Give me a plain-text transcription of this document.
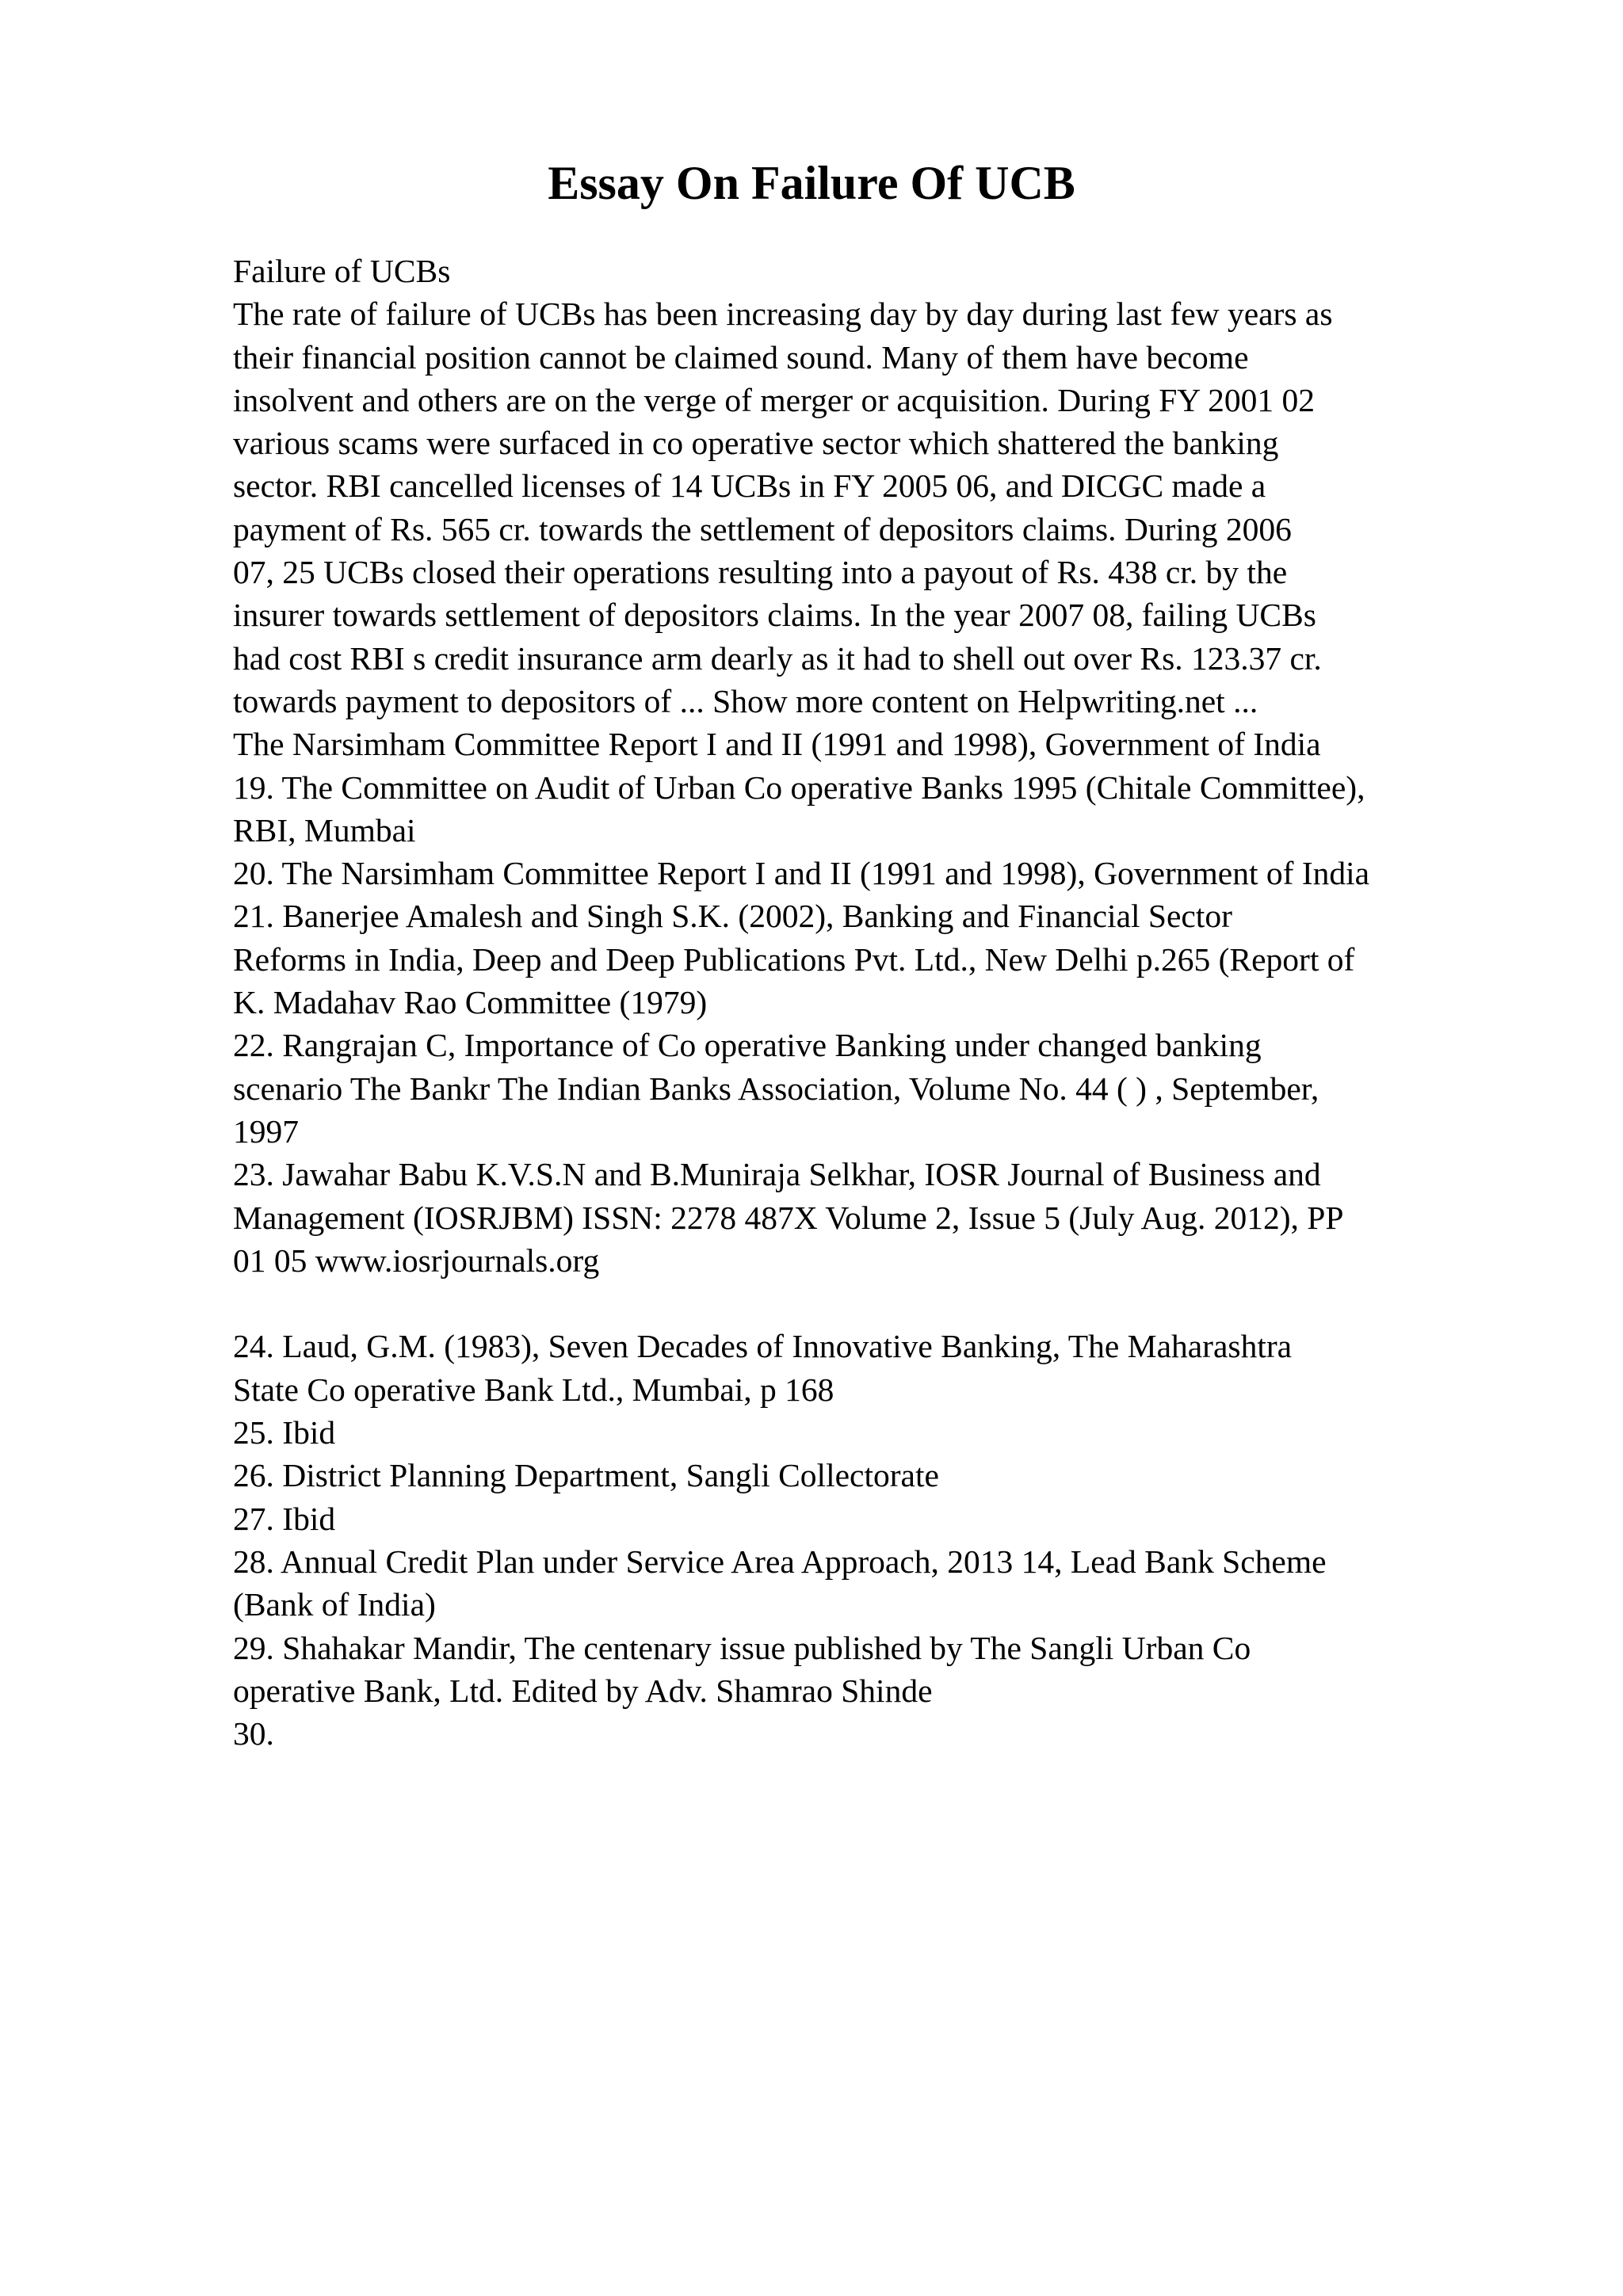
Essay On Failure Of UCB
Failure of UCBs
The rate of failure of UCBs has been increasing day by day during last few years as
their financial position cannot be claimed sound. Many of them have become
insolvent and others are on the verge of merger or acquisition. During FY 2001 02
various scams were surfaced in co operative sector which shattered the banking
sector. RBI cancelled licenses of 14 UCBs in FY 2005 06, and DICGC made a
payment of Rs. 565 cr. towards the settlement of depositors claims. During 2006
07, 25 UCBs closed their operations resulting into a payout of Rs. 438 cr. by the
insurer towards settlement of depositors claims. In the year 2007 08, failing UCBs
had cost RBI s credit insurance arm dearly as it had to shell out over Rs. 123.37 cr.
towards payment to depositors of ... Show more content on Helpwriting.net ...
The Narsimham Committee Report I and II (1991 and 1998), Government of India
19. The Committee on Audit of Urban Co operative Banks 1995 (Chitale Committee),
RBI, Mumbai
20. The Narsimham Committee Report I and II (1991 and 1998), Government of India
21. Banerjee Amalesh and Singh S.K. (2002), Banking and Financial Sector
Reforms in India, Deep and Deep Publications Pvt. Ltd., New Delhi p.265 (Report of
K. Madahav Rao Committee (1979)
22. Rangrajan C, Importance of Co operative Banking under changed banking
scenario The Bankr The Indian Banks Association, Volume No. 44 ( ) , September,
1997
23. Jawahar Babu K.V.S.N and B.Muniraja Selkhar, IOSR Journal of Business and
Management (IOSRJBM) ISSN: 2278 487X Volume 2, Issue 5 (July Aug. 2012), PP
01 05 www.iosrjournals.org
24. Laud, G.M. (1983), Seven Decades of Innovative Banking, The Maharashtra
State Co operative Bank Ltd., Mumbai, p 168
25. Ibid
26. District Planning Department, Sangli Collectorate
27. Ibid
28. Annual Credit Plan under Service Area Approach, 2013 14, Lead Bank Scheme
(Bank of India)
29. Shahakar Mandir, The centenary issue published by The Sangli Urban Co
operative Bank, Ltd. Edited by Adv. Shamrao Shinde
30.
